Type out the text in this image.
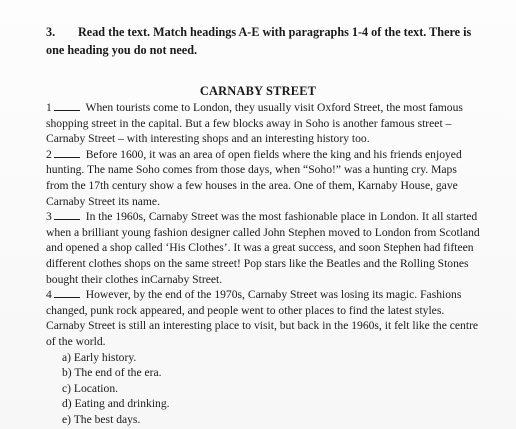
3. Read the text. Match headings A-E with paragraphs 1-4 of the text. There is one heading you do not need.
CARNABY STREET

1	When tourists come to London, they usually visit Oxford Street, the most famous shopping street in the capital. But a few blocks away in Soho is another famous street – Carnaby Street – with interesting shops and an interesting history too.

2	Before 1600, it was an area of open fields where the king and his friends enjoyed hunting. The name Soho comes from those days, when “Soho!” was a hunting cry. Maps from the 17th century show a few houses in the area. One of them, Karnaby House, gave Carnaby Street its name.

3	In the 1960s, Carnaby Street was the most fashionable place in London. It all started when a brilliant young fashion designer called John Stephen moved to London from Scotland and opened a shop called ‘His Clothes’. It was a great success, and soon Stephen had fifteen different clothes shops on the same street! Pop stars like the Beatles and the Rolling Stones bought their clothes inCarnaby Street.

4	However, by the end of the 1970s, Carnaby Street was losing its magic. Fashions changed, punk rock appeared, and people went to other places to find the latest styles. Carnaby Street is still an interesting place to visit, but back in the 1960s, it felt like the centre of the world.

a) Early history.
b) The end of the era.
c) Location.
d) Eating and drinking.
e) The best days.
